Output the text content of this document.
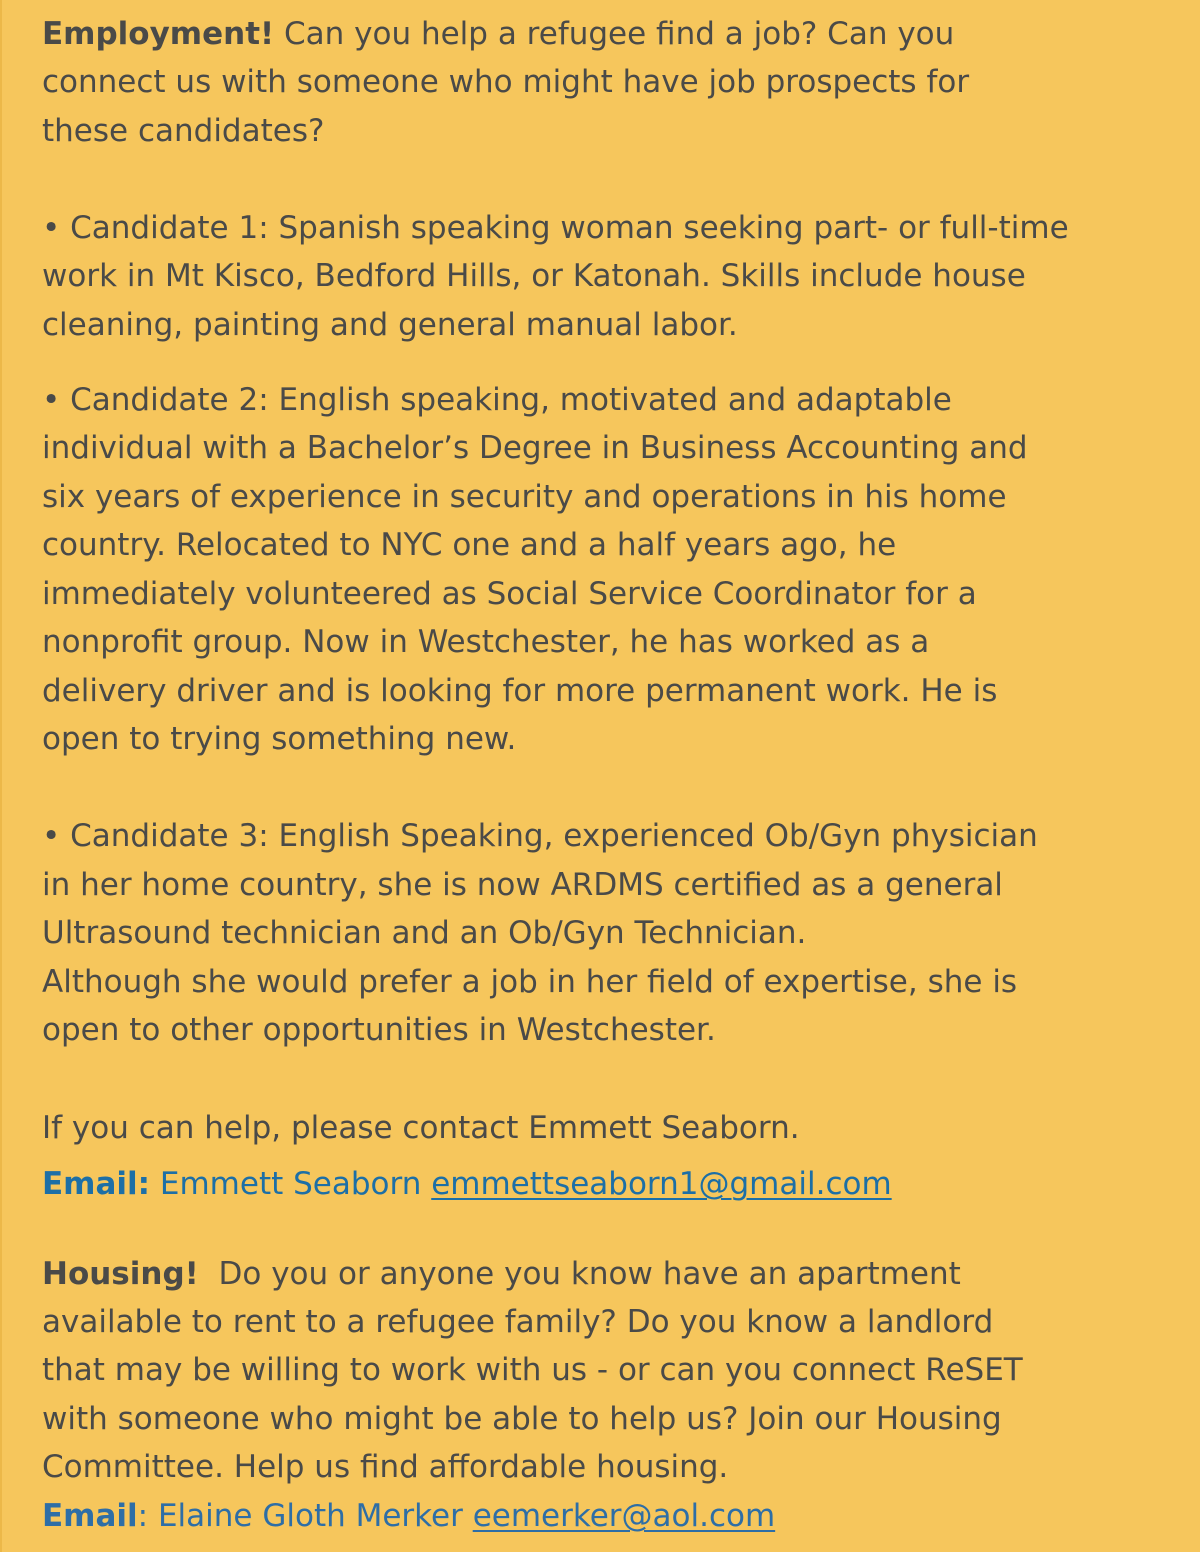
Employment! Can you help a refugee find a job? Can you
connect us with someone who might have job prospects for
these candidates?
• Candidate 1: Spanish speaking woman seeking part- or full-time
work in Mt Kisco, Bedford Hills, or Katonah. Skills include house
cleaning, painting and general manual labor.
• Candidate 2: English speaking, motivated and adaptable
individual with a Bachelor’s Degree in Business Accounting and
six years of experience in security and operations in his home
country. Relocated to NYC one and a half years ago, he
immediately volunteered as Social Service Coordinator for a
nonprofit group. Now in Westchester, he has worked as a
delivery driver and is looking for more permanent work. He is
open to trying something new.
• Candidate 3: English Speaking, experienced Ob/Gyn physician
in her home country, she is now ARDMS certified as a general
Ultrasound technician and an Ob/Gyn Technician.
Although she would prefer a job in her field of expertise, she is
open to other opportunities in Westchester.
If you can help, please contact Emmett Seaborn.
Email: Emmett Seaborn emmettseaborn1@gmail.com
Housing!  Do you or anyone you know have an apartment
available to rent to a refugee family? Do you know a landlord
that may be willing to work with us - or can you connect ReSET
with someone who might be able to help us? Join our Housing
Committee. Help us find affordable housing.
Email: Elaine Gloth Merker eemerker@aol.com
